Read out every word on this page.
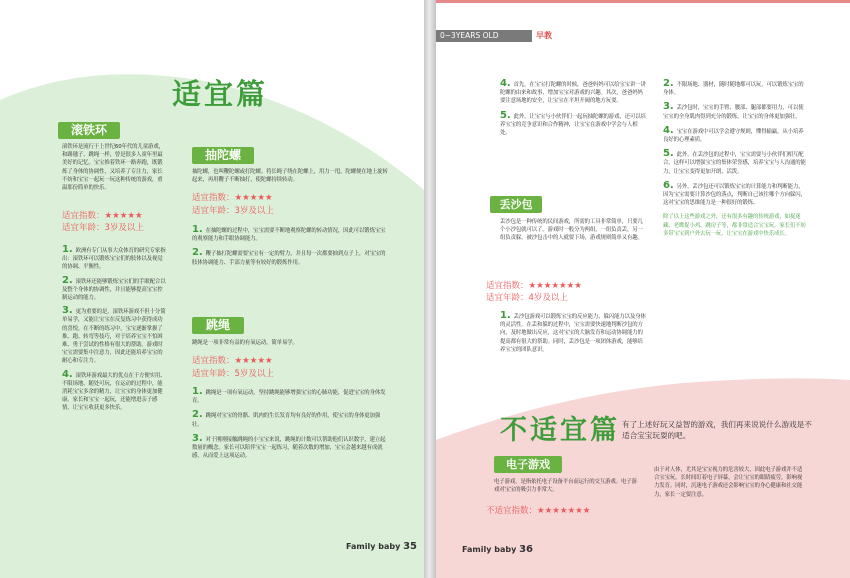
适宜篇
滚铁环
滚铁环是流行于上世纪60年代的儿童游戏，和踢毽子、跳绳一样，曾是很多人童年里最美好的记忆。宝宝推着铁环一路奔跑，既锻炼了身体的协调性，又培养了专注力，家长不妨和宝宝一起玩一玩这种传统的游戏，重温那份简单的快乐。
适宜指数：★★★★★
适宜年龄：3岁及以上

1. 欧洲有专门从事大众体育的研究专家指出：滚铁环可以锻炼宝宝们的肢体以及视觉的协调、平衡性。

2. 滚铁环还能够锻炼宝宝们的手眼配合以及整个身体的协调性，并且能够提高宝宝控制运动的能力。

3. 更为重要的是，滚铁环游戏不但十分简单易学，又能让宝宝在反复练习中获得成功的喜悦。在不断的练习中，宝宝逐渐掌握了推、跑、转弯等技巧，对于培养宝宝不怕困难、勇于尝试的性格有很大的帮助。游戏时宝宝需要集中注意力，因此还能培养宝宝的耐心和专注力。

4. 滚铁环游戏最大的优点在于方便实用、不限场地、随处可玩，在运动的过程中，能消耗宝宝多余的精力，让宝宝的身体更加健康。家长和宝宝一起玩，还能增进亲子感情，让宝宝收获更多快乐。

抽陀螺
抽陀螺，也叫鞭陀螺或打陀螺。将长绳子绕在陀螺上，用力一甩，陀螺便在地上旋转起来，再用鞭子不断抽打，使陀螺持续转动。
适宜指数：★★★★★
适宜年龄：3岁及以上

1. 在抽陀螺的过程中，宝宝需要不断地观察陀螺的转动情况，因此可以锻炼宝宝的观察能力和手眼协调能力。

2. 鞭子抽打陀螺需要宝宝有一定的臂力，并且每一次都要抽到点子上，对宝宝的肢体协调能力、手部力量等有较好的锻炼作用。

跳绳
跳绳是一项非常有益的有氧运动，简单易学。
适宜指数：★★★★★
适宜年龄：5岁及以上

1. 跳绳是一项有氧运动，坚持跳绳能够增强宝宝的心肺功能，促进宝宝的身体发育。

2. 跳绳对宝宝的骨骼、肌肉的生长发育均有良好的作用，使宝宝的身体更加强壮。

3. 对于刚刚接触跳绳的小宝宝来说，跳绳的计数可以帮助他们认识数字，建立起数量的概念。家长可以陪伴宝宝一起练习，随着次数的增加，宝宝会越来越有成就感，从而爱上这项运动。

Family baby 35
0~3YEARS OLD	早教

4. 首先，在宝宝打陀螺的时候，爸爸妈妈可以给宝宝讲一讲陀螺的由来和故事，增加宝宝对游戏的兴趣。其次，爸爸妈妈要注意场地的安全，让宝宝在平坦开阔的地方玩耍。

5. 此外，让宝宝与小伙伴们一起玩抽陀螺的游戏，还可以培养宝宝的竞争意识和合作精神，让宝宝在游戏中学会与人相处。

丢沙包
丢沙包是一种传统的民间游戏，所需的工具非常简单，只要几个小沙包就可以了。游戏时一般分为两组，一组负责丢，另一组负责躲，被沙包击中的人就要下场，游戏规则简单又有趣。
适宜指数：★★★★★★★
适宜年龄：4岁及以上

1. 丢沙包游戏可以锻炼宝宝的反应能力、躲闪能力以及身体的灵活性。在丢和躲的过程中，宝宝需要快速地判断沙包的方向，及时地做出反应，这对宝宝的大脑发育和运动协调能力的提高都有很大的帮助。同时，丢沙包是一项团体游戏，能够培养宝宝的团队意识。

2. 不限场地、器材，随时随地都可以玩，可以锻炼宝宝的身体。

3. 丢沙包时，宝宝的手臂、腰部、腿部都要用力，可以使宝宝的全身肌肉得到充分的锻炼，让宝宝的身体更加强壮。

4. 宝宝在游戏中可以学会遵守规则，懂得输赢，从小培养良好的心理素质。

5. 此外，在丢沙包的过程中，宝宝需要与小伙伴们相互配合，这样可以增强宝宝的集体荣誉感，培养宝宝与人沟通的能力，让宝宝变得更加开朗、活泼。

6. 另外，丢沙包还可以锻炼宝宝的计算能力和判断能力，因为宝宝需要计算沙包的落点，判断自己该往哪个方向躲闪，这对宝宝的思维能力是一种很好的锻炼。

除了以上这些游戏之外，还有很多有趣的传统游戏，如捉迷藏、老鹰捉小鸡、跳房子等，都非常适合宝宝玩。家长们不妨多带宝宝到户外去玩一玩，让宝宝在游戏中快乐成长。

不适宜篇 有了上述好玩又益智的游戏，我们再来说说什么游戏是不适合宝宝玩耍的吧。
电子游戏
电子游戏，是指依托电子设备平台而运行的交互游戏。电子游戏对宝宝的吸引力非常大。
不适宜指数：★★★★★★★
由于对人体，尤其是宝宝视力的危害较大，因此电子游戏并不适合宝宝玩。长时间盯着电子屏幕，会让宝宝的眼睛疲劳，影响视力发育。同时，沉迷电子游戏还会影响宝宝的身心健康和社交能力，家长一定要注意。
Family baby 36
